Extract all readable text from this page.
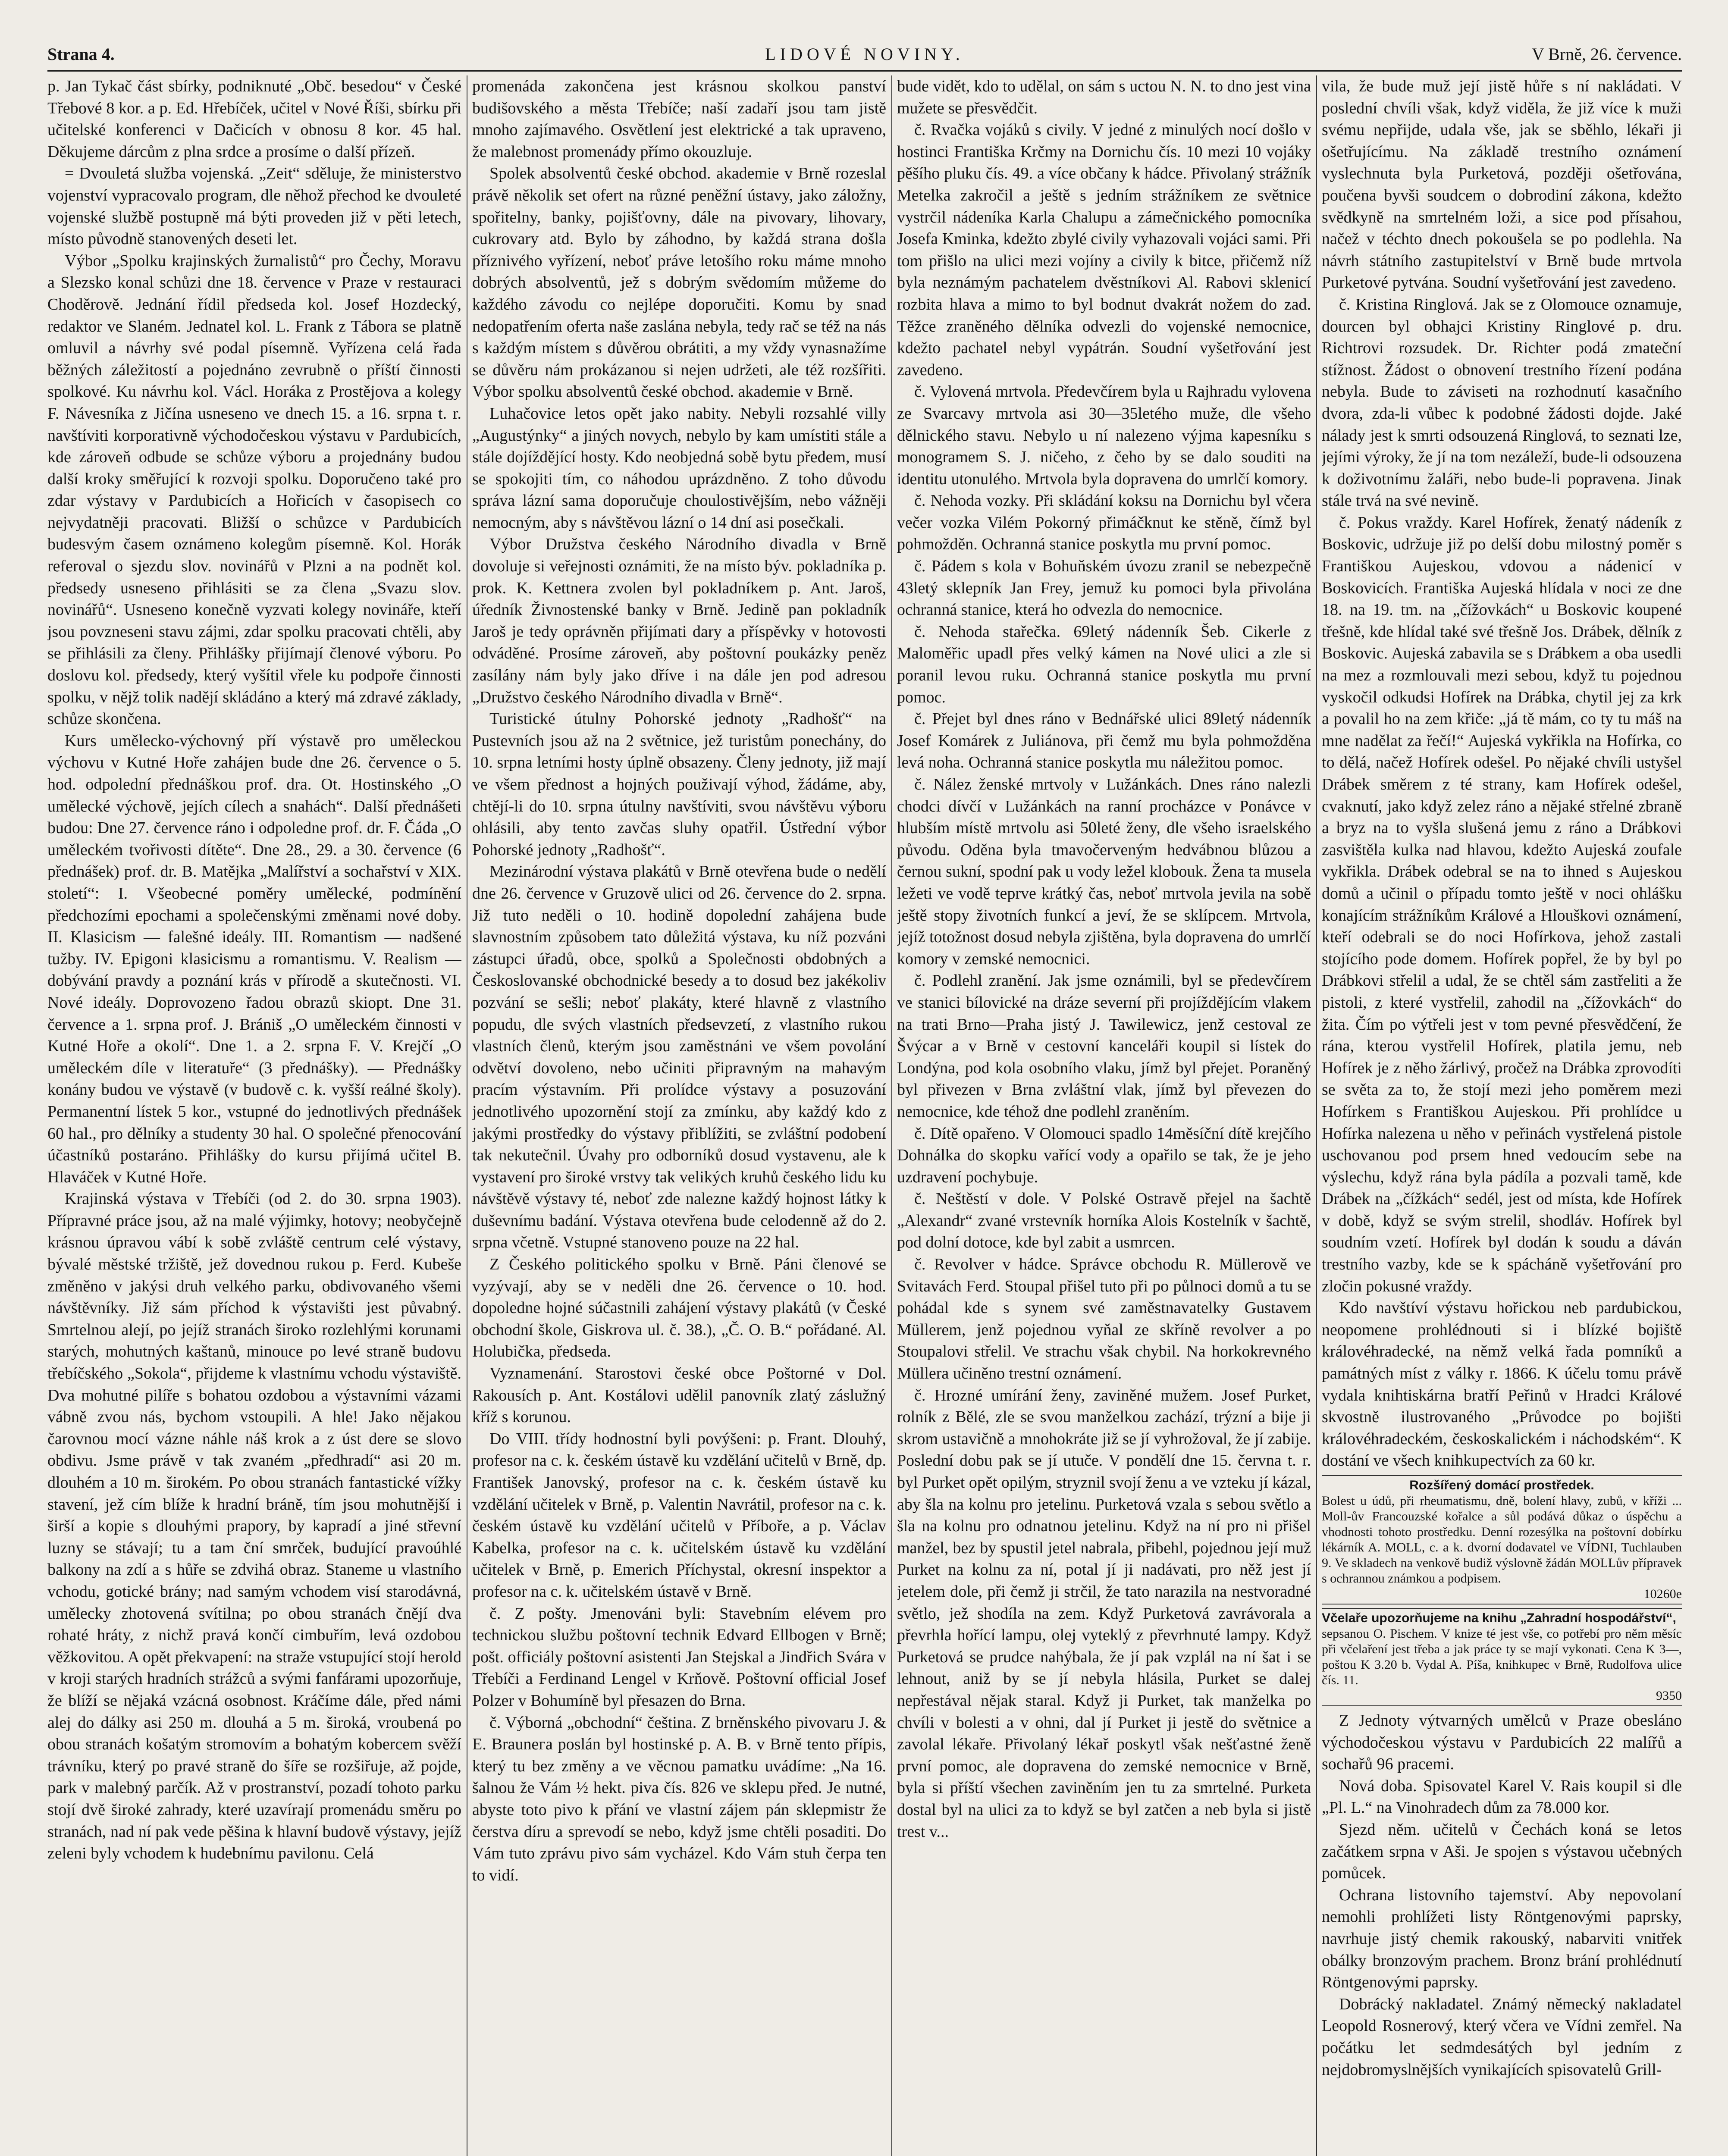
Strana 4.	LIDOVÉ NOVINY.	V Brně, 26. července.

p. Jan Tykač část sbírky, podniknuté „Obč. besedou“ v České Třebové 8 kor. a p. Ed. Hřebíček, učitel v Nové Říši, sbírku při učitelské konferenci v Dačicích v obnosu 8 kor. 45 hal. Děkujeme dárcům z plna srdce a prosíme o další přízeň.

= Dvouletá služba vojenská. „Zeit“ sděluje, že ministerstvo vojenství vypracovalo program, dle něhož přechod ke dvouleté vojenské službě postupně má býti proveden již v pěti letech, místo původně stanovených deseti let.

Výbor „Spolku krajinských žurnalistů“ pro Čechy, Moravu a Slezsko konal schůzi dne 18. července v Praze v restauraci Choděrově. Jednání řídil předseda kol. Josef Hozdecký, redaktor ve Slaném. Jednatel kol. L. Frank z Tábora se platně omluvil a návrhy své podal písemně. Vyřízena celá řada běžných záležitostí a pojednáno zevrubně o příští činnosti spolkové. Ku návrhu kol. Václ. Horáka z Prostějova a kolegy F. Návesníka z Jičína usneseno ve dnech 15. a 16. srpna t. r. navštíviti korporativně východočeskou výstavu v Pardubicích, kde zároveň odbude se schůze výboru a projednány budou další kroky směřující k rozvoji spolku. Doporučeno také pro zdar výstavy v Pardubicích a Hořicích v časopisech co nejvydatněji pracovati. Bližší o schůzce v Pardubicích budesvým časem oznámeno kolegům písemně. Kol. Horák referoval o sjezdu slov. novinářů v Plzni a na podnět kol. předsedy usneseno přihlásiti se za člena „Svazu slov. novinářů“. Usneseno konečně vyzvati kolegy novináře, kteří jsou povzneseni stavu zájmi, zdar spolku pracovati chtěli, aby se přihlásili za členy. Přihlášky přijímají členové výboru. Po doslovu kol. předsedy, který vyšítil vřele ku podpoře činnosti spolku, v nějž tolik nadějí skládáno a který má zdravé základy, schůze skončena.

Kurs umělecko-výchovný pří výstavě pro uměleckou výchovu v Kutné Hoře zahájen bude dne 26. července o 5. hod. odpolední přednáškou prof. dra. Ot. Hostinského „O umělecké výchově, jejích cílech a snahách“. Další přednášeti budou: Dne 27. července ráno i odpoledne prof. dr. F. Čáda „O uměleckém tvořivosti dítěte“. Dne 28., 29. a 30. července (6 přednášek) prof. dr. B. Matějka „Malířství a sochařství v XIX. století“: I. Všeobecné poměry umělecké, podmínění předchozími epochami a společenskými změnami nové doby. II. Klasicism — falešné ideály. III. Romantism — nadšené tužby. IV. Epigoni klasicismu a romantismu. V. Realism — dobývání pravdy a poznání krás v přírodě a skutečnosti. VI. Nové ideály. Doprovozeno řadou obrazů skiopt. Dne 31. července a 1. srpna prof. J. Brániš „O uměleckém činnosti v Kutné Hoře a okolí“. Dne 1. a 2. srpna F. V. Krejčí „O uměleckém díle v literatuře“ (3 přednášky). — Přednášky konány budou ve výstavě (v budově c. k. vyšší reálné školy). Permanentní lístek 5 kor., vstupné do jednotlivých přednášek 60 hal., pro dělníky a studenty 30 hal. O společné přenocování účastníků postaráno. Přihlášky do kursu přijímá učitel B. Hlaváček v Kutné Hoře.

Krajinská výstava v Třebíči (od 2. do 30. srpna 1903). Přípravné práce jsou, až na malé výjimky, hotovy; neobyčejně krásnou úpravou vábí k sobě zvláště centrum celé výstavy, bývalé městské tržiště, jež dovednou rukou p. Ferd. Kubeše změněno v jakýsi druh velkého parku, obdivovaného všemi návštěvníky. Již sám příchod k výstavišti jest půvabný. Smrtelnou alejí, po jejíž stranách široko rozlehlými korunami starých, mohutných kaštanů, minouce po levé straně budovu třebíčského „Sokola“, přijdeme k vlastnímu vchodu výstaviště. Dva mohutné pilíře s bohatou ozdobou a výstavními vázami vábně zvou nás, bychom vstoupili. A hle! Jako nějakou čarovnou mocí vázne náhle náš krok a z úst dere se slovo obdivu. Jsme právě v tak zvaném „předhradí“ asi 20 m. dlouhém a 10 m. širokém. Po obou stranách fantastické vížky stavení, jež cím blíže k hradní bráně, tím jsou mohutnější i širší a kopie s dlouhými prapory, by kapradí a jiné střevní luzny se stávají; tu a tam ční smrček, budující pravoúhlé balkony na zdí a s hůře se zdvihá obraz. Staneme u vlastního vchodu, gotické brány; nad samým vchodem visí starodávná, umělecky zhotovená svítilna; po obou stranách čnějí dva rohaté hráty, z nichž pravá končí cimbuřím, levá ozdobou věžkovitou. A opět překvapení: na straže vstupující stojí herold v kroji starých hradních strážců a svými fanfárami upozorňuje, že blíží se nějaká vzácná osobnost. Kráčíme dále, před námi alej do dálky asi 250 m. dlouhá a 5 m. široká, vroubená po obou stranách košatým stromovím a bohatým kobercem svěží trávníku, který po pravé straně do šíře se rozšiřuje, až pojde, park v malebný parčík. Až v prostranství, pozadí tohoto parku stojí dvě široké zahrady, které uzavírají promenádu směru po stranách, nad ní pak vede pěšina k hlavní budově výstavy, jejíž zeleni byly vchodem k hudebnímu pavilonu. Celá

promenáda zakončena jest krásnou skolkou panství budišovského a města Třebíče; naší zadaří jsou tam jistě mnoho zajímavého. Osvětlení jest elektrické a tak upraveno, že malebnost promenády přímo okouzluje.

Spolek absolventů české obchod. akademie v Brně rozeslal právě několik set ofert na různé peněžní ústavy, jako záložny, spořitelny, banky, pojišťovny, dále na pivovary, lihovary, cukrovary atd. Bylo by záhodno, by každá strana došla příznivého vyřízení, neboť práve letošího roku máme mnoho dobrých absolventů, jež s dobrým svědomím můžeme do každého závodu co nejlépe doporučiti. Komu by snad nedopatřením oferta naše zaslána nebyla, tedy rač se též na nás s každým místem s důvěrou obrátiti, a my vždy vynasnažíme se důvěru nám prokázanou si nejen udržeti, ale též rozšířiti. Výbor spolku absolventů české obchod. akademie v Brně.

Luhačovice letos opět jako nabity. Nebyli rozsahlé villy „Augustýnky“ a jiných novych, nebylo by kam umístiti stále a stále dojíždějící hosty. Kdo neobjedná sobě bytu předem, musí se spokojiti tím, co náhodou uprázdněno. Z toho důvodu správa lázní sama doporučuje choulostivějším, nebo vážněji nemocným, aby s návštěvou lázní o 14 dní asi posečkali.

Výbor Družstva českého Národního divadla v Brně dovoluje si veřejnosti oznámiti, že na místo býv. pokladníka p. prok. K. Kettnera zvolen byl pokladníkem p. Ant. Jaroš, úředník Živnostenské banky v Brně. Jedině pan pokladník Jaroš je tedy oprávněn přijímati dary a příspěvky v hotovosti odváděné. Prosíme zároveň, aby poštovní poukázky peněz zasílány nám byly jako dříve i na dále jen pod adresou „Družstvo českého Národního divadla v Brně“.

Turistické útulny Pohorské jednoty „Radhošť“ na Pustevních jsou až na 2 světnice, jež turistům ponechány, do 10. srpna letními hosty úplně obsazeny. Členy jednoty, již mají ve všem přednost a hojných použivají výhod, žádáme, aby, chtějí-li do 10. srpna útulny navštíviti, svou návštěvu výboru ohlásili, aby tento zavčas sluhy opatřil. Ústřední výbor Pohorské jednoty „Radhošť“.

Mezinárodní výstava plakátů v Brně otevřena bude o nedělí dne 26. července v Gruzově ulici od 26. července do 2. srpna. Již tuto neděli o 10. hodině dopolední zahájena bude slavnostním způsobem tato důležitá výstava, ku níž pozváni zástupci úřadů, obce, spolků a Společnosti obdobných a Českoslovanské obchodnické besedy a to dosud bez jakékoliv pozvání se sešli; neboť plakáty, které hlavně z vlastního popudu, dle svých vlastních předsevzetí, z vlastního rukou vlastních členů, kterým jsou zaměstnáni ve všem povolání odvětví dovoleno, nebo učiniti připravným na mahavým pracím výstavním. Při prolídce výstavy a posuzování jednotlivého upozornění stojí za zmínku, aby každý kdo z jakými prostředky do výstavy přiblížiti, se zvláštní podobení tak nekutečnil. Úvahy pro odborníků dosud vystavenu, ale k vystavení pro široké vrstvy tak velikých kruhů českého lidu ku návštěvě výstavy té, neboť zde nalezne každý hojnost látky k duševnímu badání. Výstava otevřena bude celodenně až do 2. srpna včetně. Vstupné stanoveno pouze na 22 hal.

Z Českého politického spolku v Brně. Páni členové se vyzývají, aby se v neděli dne 26. července o 10. hod. dopoledne hojné súčastnili zahájení výstavy plakátů (v České obchodní škole, Giskrova ul. č. 38.), „Č. O. B.“ pořádané. Al. Holubička, předseda.

Vyznamenání. Starostovi české obce Poštorné v Dol. Rakousích p. Ant. Kostálovi udělil panovník zlatý záslužný kříž s korunou.

Do VIII. třídy hodnostní byli povýšeni: p. Frant. Dlouhý, profesor na c. k. českém ústavě ku vzdělání učitelů v Brně, dp. František Janovský, profesor na c. k. českém ústavě ku vzdělání učitelek v Brně, p. Valentin Navrátil, profesor na c. k. českém ústavě ku vzdělání učitelů v Příboře, a p. Václav Kabelka, profesor na c. k. učitelském ústavě ku vzdělání učitelek v Brně, p. Emerich Příchystal, okresní inspektor a profesor na c. k. učitelském ústavě v Brně.

č. Z pošty. Jmenováni byli: Stavebním elévem pro technickou službu poštovní technik Edvard Ellbogen v Brně; pošt. officiály poštovní asistenti Jan Stejskal a Jindřich Svára v Třebíči a Ferdinand Lengel v Krňově. Poštovní official Josef Polzer v Bohumíně byl přesazen do Brna.

č. Výborná „obchodní“ čeština. Z brněnského pivovaru J. & E. Brauneга poslán byl hostinské p. A. B. v Brně tento přípis, který tu bez změny a ve věcnou pamatku uvádíme: „Na 16. šalnou že Vám ½ hekt. piva čís. 826 ve sklepu před. Je nutné, abyste toto pivo k přání ve vlastní zájem pán sklepmistr že čerstva díru a sprevodí se nebo, když jsme chtěli posaditi. Do Vám tuto zprávu pivo sám vycházel. Kdo Vám stuh čerpa ten to vidí.

bude vidět, kdo to udělal, on sám s uctou N. N. to dno jest vina mužete se přesvědčit.

č. Rvačka vojáků s civily. V jedné z minulých nocí došlo v hostinci Františka Krčmy na Dornichu čís. 10 mezi 10 vojáky pěšího pluku čís. 49. a více občany k hádce. Přivolaný strážník Metelka zakročil a ještě s jedním strážníkem ze světnice vystrčil nádeníka Karla Chalupu a zámečnického pomocníka Josefa Kminka, kdežto zbylé civily vyhazovali vojáci sami. Při tom přišlo na ulici mezi vojíny a civily k bitce, přičemž níž byla neznámým pachatelem dvěstníkovi Al. Rabovi sklenicí rozbita hlava a mimo to byl bodnut dvakrát nožem do zad. Těžce zraněného dělníka odvezli do vojenské nemocnice, kdežto pachatel nebyl vypátrán. Soudní vyšetřování jest zavedeno.

č. Vylovená mrtvola. Předevčírem byla u Rajhradu vylovena ze Svarcavy mrtvola asi 30—35letého muže, dle všeho dělnického stavu. Nebylo u ní nalezeno výjma kapesníku s monogramem S. J. ničeho, z čeho by se dalo souditi na identitu utonulého. Mrtvola byla dopravena do umrlčí komory.

č. Nehoda vozky. Při skládání koksu na Dornichu byl včera večer vozka Vilém Pokorný přimáčknut ke stěně, čímž byl pohmožděn. Ochranná stanice poskytla mu první pomoc.

č. Pádem s kola v Bohuňském úvozu zranil se nebezpečně 43letý sklepník Jan Frey, jemuž ku pomoci byla přivolána ochranná stanice, která ho odvezla do nemocnice.

č. Nehoda stařečka. 69letý nádenník Šeb. Cikerle z Maloměřic upadl přes velký kámen na Nové ulici a zle si poranil levou ruku. Ochranná stanice poskytla mu první pomoc.

č. Přejet byl dnes ráno v Bednářské ulici 89letý nádenník Josef Komárek z Juliánova, při čemž mu byla pohmožděna levá noha. Ochranná stanice poskytla mu náležitou pomoc.

č. Nález ženské mrtvoly v Lužánkách. Dnes ráno nalezli chodci dívčí v Lužánkách na ranní procházce v Ponávce v hlubším místě mrtvolu asi 50leté ženy, dle všeho israelského původu. Oděna byla tmavočerveným hedvábnou blůzou a černou sukní, spodní pak u vody ležel klobouk. Žena ta musela ležeti ve vodě teprve krátký čas, neboť mrtvola jevila na sobě ještě stopy životních funkcí a jeví, že se sklípcem. Mrtvola, jejíž totožnost dosud nebyla zjištěna, byla dopravena do umrlčí komory v zemské nemocnici.

č. Podlehl zranění. Jak jsme oznámili, byl se předevčírem ve stanici bílovické na dráze severní při projíždějícím vlakem na trati Brno—Praha jistý J. Tawilewicz, jenž cestoval ze Švýcar a v Brně v cestovní kanceláři koupil si lístek do Londýna, pod kola osobního vlaku, jímž byl přejet. Poraněný byl přivezen v Brna zvláštní vlak, jímž byl převezen do nemocnice, kde téhož dne podlehl zraněním.

č. Dítě opařeno. V Olomouci spadlo 14měsíční dítě krejčího Dohnálka do skopku vařící vody a opařilo se tak, že je jeho uzdravení pochybuje.

č. Neštěstí v dole. V Polské Ostravě přejel na šachtě „Alexandr“ zvané vrstevník horníka Alois Kostelník v šachtě, pod dolní dotoce, kde byl zabit a usmrcen.

č. Revolver v hádce. Správce obchodu R. Müllerově ve Svitavách Ferd. Stoupal přišel tuto při po půlnoci domů a tu se pohádal kde s synem své zaměstnavatelky Gustavem Müllerem, jenž pojednou vyňal ze skříně revolver a po Stoupalovi střelil. Ve strachu však chybil. Na horkokrevného Müllera učiněno trestní oznámení.

č. Hrozné umírání ženy, zaviněné mužem. Josef Purket, rolník z Bělé, zle se svou manželkou zachází, trýzní a bije ji skrom ustavičně a mnohokráte již se jí vyhrožoval, že jí zabije. Poslední dobu pak se jí utuče. V pondělí dne 15. června t. r. byl Purket opět opilým, stryznil svojí ženu a ve vzteku jí kázal, aby šla na kolnu pro jetelinu. Purketová vzala s sebou světlo a šla na kolnu pro odnatnou jetelinu. Když na ní pro ni přišel manžel, bez by spustil jetel nabrala, přibehl, pojednou její muž Purket na kolnu za ní, potal jí ji nadávati, pro něž jest jí jetelem dole, při čemž ji strčil, že tato narazila na nestvoradné světlo, jež shodíla na zem. Když Purketová zavrávorala a převrhla hořící lampu, olej vyteklý z převrhnuté lampy. Když Purketová se prudce nahýbala, že jí pak vzplál na ní šat i se lehnout, aniž by se jí nebyla hlásila, Purket se dalej nepřestával nějak staral. Když ji Purket, tak manželka po chvíli v bolesti a v ohni, dal jí Purket ji jestě do světnice a zavolal lékaře. Přivolaný lékař poskytl však nešťastné ženě první pomoc, ale dopravena do zemské nemocnice v Brně, byla si příští všechen zaviněním jen tu za smrtelné. Purketa dostal byl na ulici za to když se byl zatčen a neb byla si jistě trest v...

vila, že bude muž její jistě hůře s ní nakládati. V poslední chvíli však, když viděla, že již více k muži svému nepřijde, udala vše, jak se sběhlo, lékaři ji ošetřujícímu. Na základě trestního oznámení vyslechnuta byla Purketová, později ošetřována, poučena byvši soudcem o dobrodiní zákona, kdežto svědkyně na smrtelném loži, a sice pod přísahou, načež v téchto dnech pokoušela se po podlehla. Na návrh státního zastupitelství v Brně bude mrtvola Purketové pytvána. Soudní vyšetřování jest zavedeno.

č. Kristina Ringlová. Jak se z Olomouce oznamuje, dourcen byl obhajci Kristiny Ringlové p. dru. Richtrovi rozsudek. Dr. Richter podá zmateční stížnost. Žádost o obnovení trestního řízení podána nebyla. Bude to záviseti na rozhodnutí kasačního dvora, zda-li vůbec k podobné žádosti dojde. Jaké nálady jest k smrti odsouzená Ringlová, to seznati lze, jejími výroky, že jí na tom nezáleží, bude-li odsouzena k doživotnímu žaláři, nebo bude-li popravena. Jinak stále trvá na své nevině.

č. Pokus vraždy. Karel Hofírek, ženatý nádeník z Boskovic, udržuje již po delší dobu milostný poměr s Františkou Aujeskou, vdovou a nádenicí v Boskovicích. Františka Aujeská hlídala v noci ze dne 18. na 19. tm. na „čížovkách“ u Boskovic koupené třešně, kde hlídal také své třešně Jos. Drábek, dělník z Boskovic. Aujeská zabavila se s Drábkem a oba usedli na mez a rozmlouvali mezi sebou, když tu pojednou vyskočil odkudsi Hofírek na Drábka, chytil jej za krk a povalil ho na zem křiče: „já tě mám, co ty tu máš na mne nadělat za řečí!“ Aujeská vykřikla na Hofírka, co to dělá, načež Hofírek odešel. Po nějaké chvíli ustyšel Drábek směrem z té strany, kam Hofírek odešel, cvaknutí, jako když zelez ráno a nějaké střelné zbraně a bryz na to vyšla slušená jemu z ráno a Drábkovi zasvištěla kulka nad hlavou, kdežto Aujeská zoufale vykřikla. Drábek odebral se na to ihned s Aujeskou domů a učinil o případu tomto ještě v noci ohlášku konajícím strážníkům Králové a Hlouškovi oznámení, kteří odebrali se do noci Hofírkova, jehož zastali stojícího pode domem. Hofírek popřel, že by byl po Drábkovi střelil a udal, že se chtěl sám zastřeliti a že pistoli, z které vystřelil, zahodil na „čížovkách“ do žita. Čím po výtřeli jest v tom pevné přesvědčení, že rána, kterou vystřelil Hofírek, platila jemu, neb Hofírek je z něho žárlivý, pročež na Drábka zprovodíti se světa za to, že stojí mezi jeho poměrem mezi Hofírkem s Františkou Aujeskou. Při prohlídce u Hofírka nalezena u něho v peřinách vystřelená pistole uschovanou pod prsem hned vedoucím sebe na výslechu, když rána byla pádíla a pozvali tamě, kde Drábek na „čížkách“ sedél, jest od místa, kde Hofírek v době, když se svým strelil, shodláv. Hofírek byl soudním vzetí. Hofírek byl dodán k soudu a dáván trestního vazby, kde se k spácháně vyšetřování pro zločin pokusné vraždy.

Kdo navštíví výstavu hořickou neb pardubickou, neopomene prohlédnouti si i blízké bojiště královéhradecké, na němž velká řada pomníků a památných míst z války r. 1866. K účelu tomu právě vydala knihtiskárna bratří Peřinů v Hradci Králové skvostně ilustrovaného „Průvodce po bojišti královéhradeckém, českoskalickém i náchodském“. K dostání ve všech knihkupectvích za 60 kr.

Rozšířený domácí prostředek.
Bolest u údů, při rheumatismu, dně, bolení hlavy, zubů, v kříži ... Moll-ův Francouzské kořalce a sůl podává důkaz o úspěchu a vhodnosti tohoto prostředku. Denní rozesýlka na poštovní dobírku lékárník A. MOLL, c. a k. dvorní dodavatel ve VÍDNI, Tuchlauben 9. Ve skladech na venkově budiž výslovně žádán MOLLův přípravek s ochrannou známkou a podpisem.
10260e
Včelaře upozorňujeme na knihu „Zahradní hospodářství“,
sepsanou O. Pischem. V knize té jest vše, co potřebí pro něm měsíc při včelaření jest třeba a jak práce ty se mají vykonati. Cena K 3—, poštou K 3.20 b. Vydal A. Píša, knihkupec v Brně, Rudolfova ulice čís. 11.
9350

Z Jednoty výtvarných umělců v Praze obesláno východočeskou výstavu v Pardubicích 22 malířů a sochařů 96 pracemi.

Nová doba. Spisovatel Karel V. Rais koupil si dle „Pl. L.“ na Vinohradech dům za 78.000 kor.

Sjezd něm. učitelů v Čechách koná se letos začátkem srpna v Aši. Je spojen s výstavou učebných pomůcek.

Ochrana listovního tajemství. Aby nepovolaní nemohli prohlížeti listy Röntgenovými paprsky, navrhuje jistý chemik rakouský, nabarviti vnitřek obálky bronzovým prachem. Bronz brání prohlédnutí Röntgenovými paprsky.

Dobrácký nakladatel. Známý německý nakladatel Leopold Rosnerový, který včera ve Vídni zemřel. Na počátku let sedmdesátých byl jedním z nejdobromyslnějších vynikajících spisovatelů Grill-
